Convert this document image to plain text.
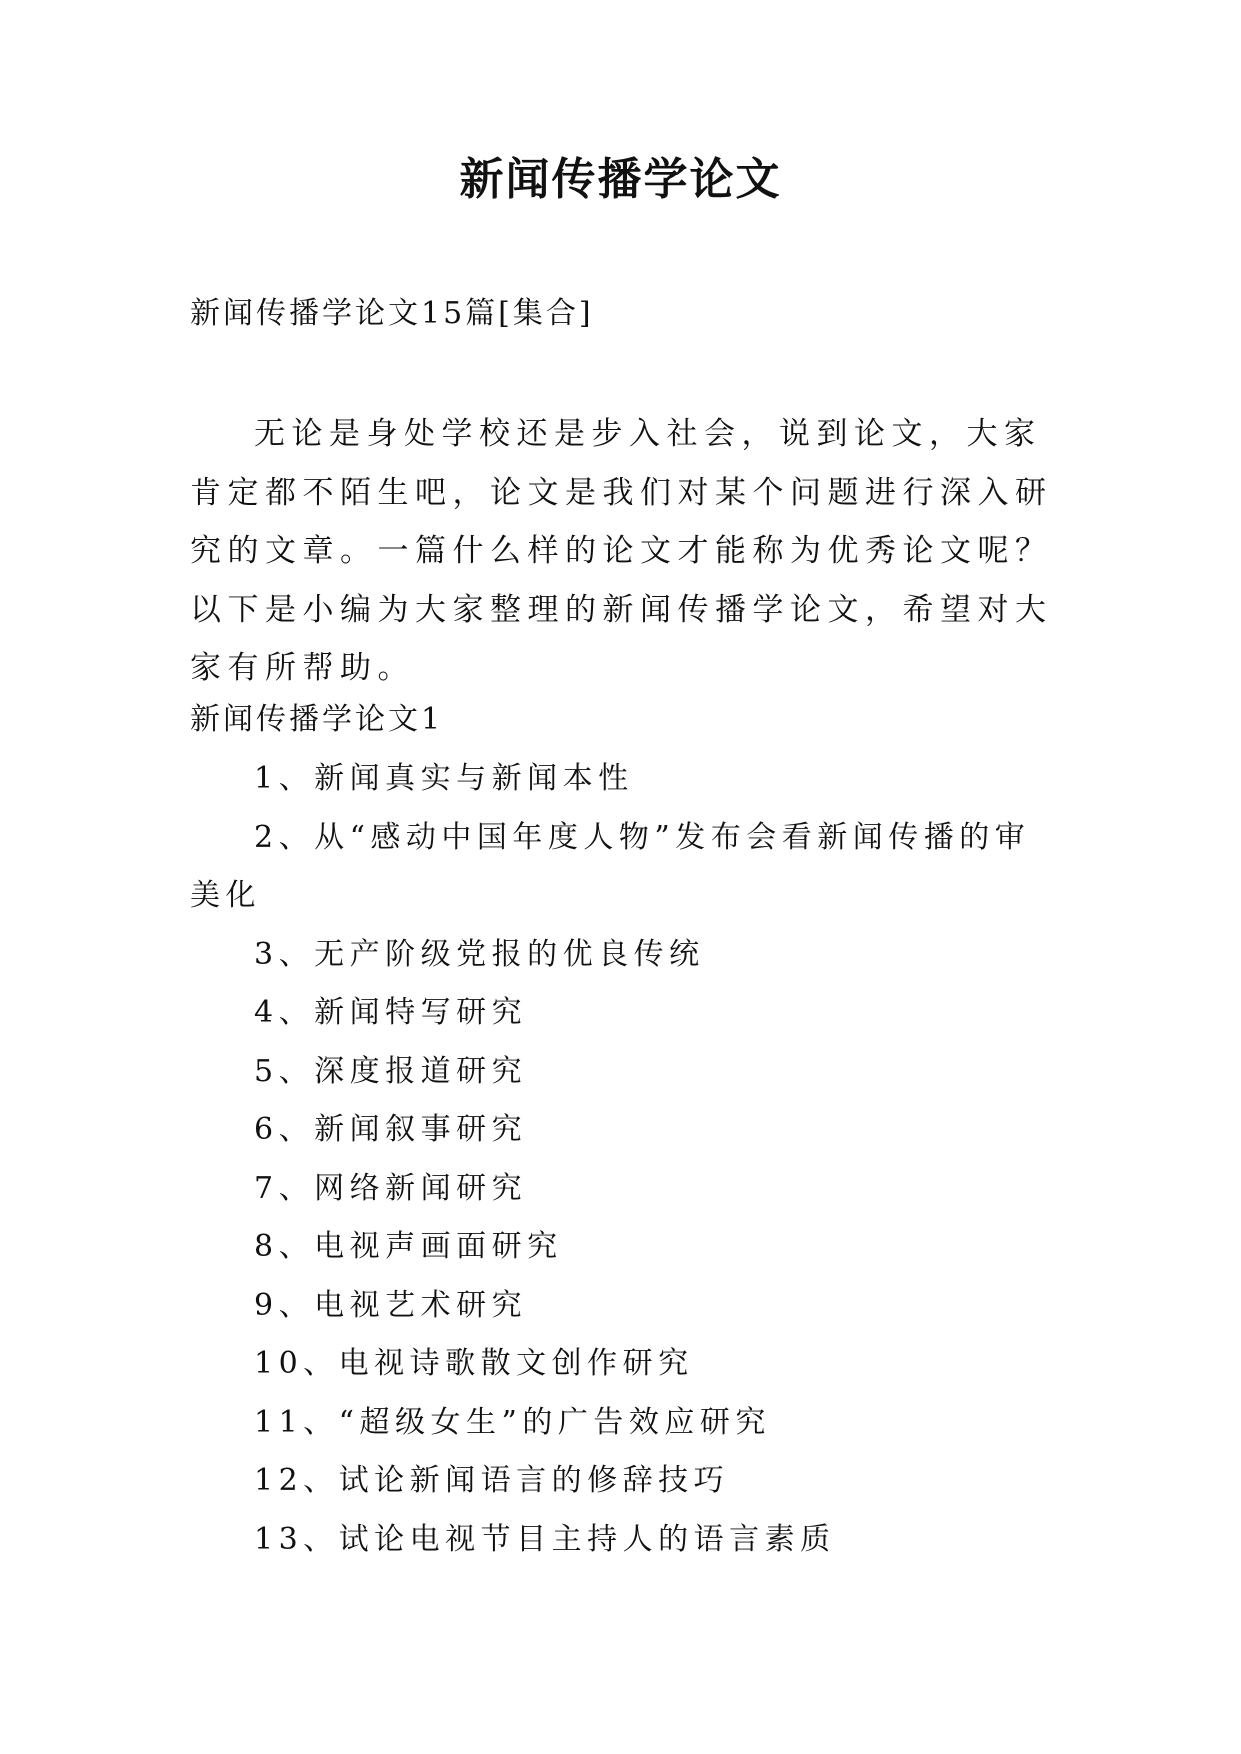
新闻传播学论文
新闻传播学论文15篇[集合]

无论是身处学校还是步入社会，说到论文，大家肯定都不陌生吧，论文是我们对某个问题进行深入研究的文章。一篇什么样的论文才能称为优秀论文呢？以下是小编为大家整理的新闻传播学论文，希望对大家有所帮助。

新闻传播学论文1
1、新闻真实与新闻本性
2、从“感动中国年度人物”发布会看新闻传播的审美化
3、无产阶级党报的优良传统
4、新闻特写研究
5、深度报道研究
6、新闻叙事研究
7、网络新闻研究
8、电视声画面研究
9、电视艺术研究
10、电视诗歌散文创作研究
11、“超级女生”的广告效应研究
12、试论新闻语言的修辞技巧
13、试论电视节目主持人的语言素质
